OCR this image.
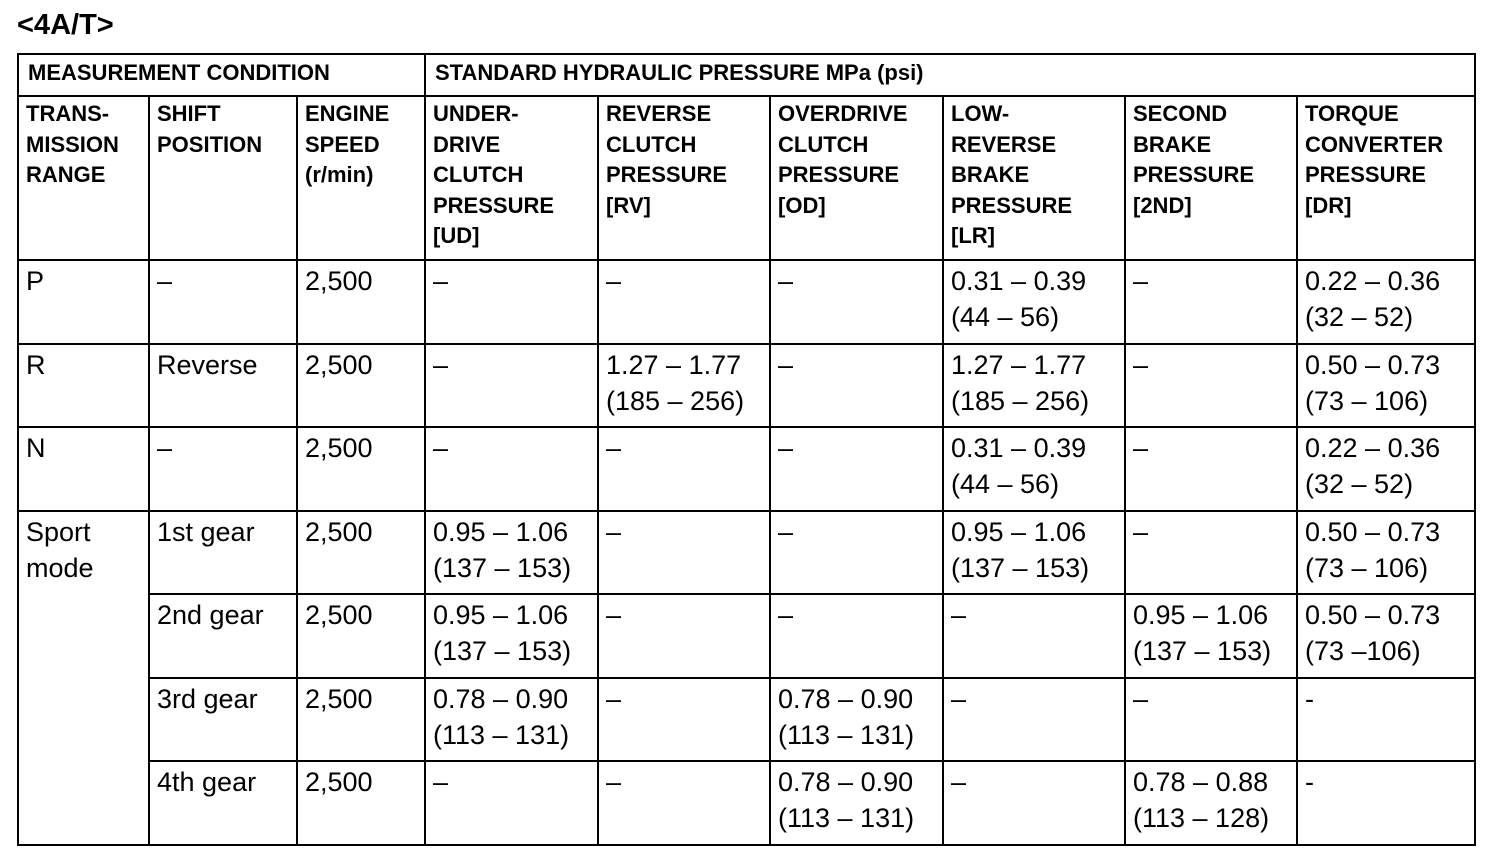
<4A/T>
MEASUREMENT CONDITION			STANDARD HYDRAULIC PRESSURE MPa (psi)					

TRANS-
MISSION
RANGE	SHIFT
POSITION	ENGINE
SPEED
(r/min)	UNDER-
DRIVE
CLUTCH
PRESSURE
[UD]	REVERSE
CLUTCH
PRESSURE
[RV]	OVERDRIVE
CLUTCH
PRESSURE
[OD]	LOW-
REVERSE
BRAKE
PRESSURE
[LR]	SECOND
BRAKE
PRESSURE
[2ND]	TORQUE
CONVERTER
PRESSURE
[DR]

P	–	2,500	–	–	–	0.31 – 0.39
(44 – 56)	–	0.22 – 0.36
(32 – 52)

R	Reverse	2,500	–	1.27 – 1.77
(185 – 256)	–	1.27 – 1.77
(185 – 256)	–	0.50 – 0.73
(73 – 106)

N	–	2,500	–	–	–	0.31 – 0.39
(44 – 56)	–	0.22 – 0.36
(32 – 52)

Sport
mode	1st gear	2,500	0.95 – 1.06
(137 – 153)	–	–	0.95 – 1.06
(137 – 153)	–	0.50 – 0.73
(73 – 106)

	2nd gear	2,500	0.95 – 1.06
(137 – 153)	–	–	–	0.95 – 1.06
(137 – 153)	0.50 – 0.73
(73 –106)

	3rd gear	2,500	0.78 – 0.90
(113 – 131)	–	0.78 – 0.90
(113 – 131)	–	–	-

	4th gear	2,500	–	–	0.78 – 0.90
(113 – 131)	–	0.78 – 0.88
(113 – 128)	-
